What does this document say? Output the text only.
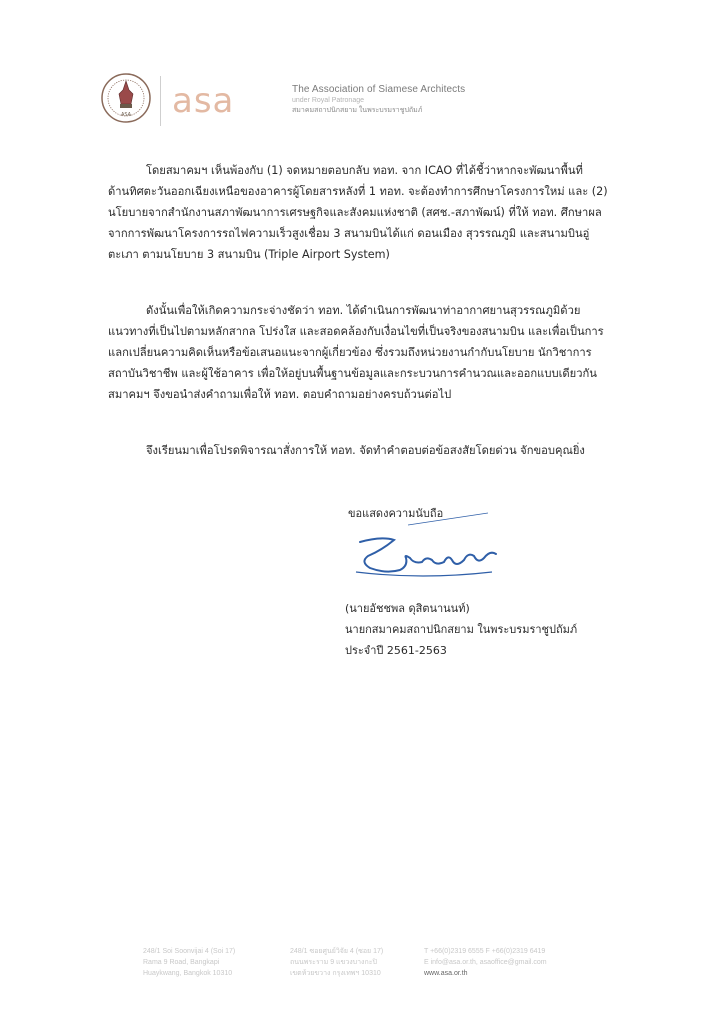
ASA asa	The Association of Siamese Architects
under Royal Patronage
สมาคมสถาปนิกสยาม ในพระบรมราชูปถัมภ์

โดยสมาคมฯ เห็นพ้องกับ (1) จดหมายตอบกลับ ทอท. จาก ICAO ที่ได้ชี้ว่าหากจะพัฒนาพื้นที่

ด้านทิศตะวันออกเฉียงเหนือของอาคารผู้โดยสารหลังที่ 1 ทอท. จะต้องทำการศึกษาโครงการใหม่ และ (2)

นโยบายจากสำนักงานสภาพัฒนาการเศรษฐกิจและสังคมแห่งชาติ (สศช.-สภาพัฒน์) ที่ให้ ทอท. ศึกษาผล

จากการพัฒนาโครงการรถไฟความเร็วสูงเชื่อม 3 สนามบินได้แก่ ดอนเมือง สุวรรณภูมิ และสนามบินอู่

ตะเภา ตามนโยบาย 3 สนามบิน (Triple Airport System)

ดังนั้นเพื่อให้เกิดความกระจ่างชัดว่า ทอท. ได้ดำเนินการพัฒนาท่าอากาศยานสุวรรณภูมิด้วย

แนวทางที่เป็นไปตามหลักสากล โปร่งใส และสอดคล้องกับเงื่อนไขที่เป็นจริงของสนามบิน และเพื่อเป็นการ

แลกเปลี่ยนความคิดเห็นหรือข้อเสนอแนะจากผู้เกี่ยวข้อง ซึ่งรวมถึงหน่วยงานกำกับนโยบาย นักวิชาการ

สถาบันวิชาชีพ และผู้ใช้อาคาร เพื่อให้อยู่บนพื้นฐานข้อมูลและกระบวนการคำนวณและออกแบบเดียวกัน

สมาคมฯ จึงขอนำส่งคำถามเพื่อให้ ทอท. ตอบคำถามอย่างครบถ้วนต่อไป

จึงเรียนมาเพื่อโปรดพิจารณาสั่งการให้ ทอท. จัดทำคำตอบต่อข้อสงสัยโดยด่วน จักขอบคุณยิ่ง

ขอแสดงความนับถือ
(นายอัชชพล ดุสิตนานนท์)
นายกสมาคมสถาปนิกสยาม ในพระบรมราชูปถัมภ์
ประจำปี 2561-2563
248/1 Soi Soonvijai 4 (Soi 17)
Rama 9 Road, Bangkapi
Huaykwang, Bangkok 10310
248/1 ซอยศูนย์วิจัย 4 (ซอย 17)
ถนนพระราม 9 แขวงบางกะปิ
เขตห้วยขวาง กรุงเทพฯ 10310
T +66(0)2319 6555 F +66(0)2319 6419
E info@asa.or.th, asaoffice@gmail.com
www.asa.or.th
